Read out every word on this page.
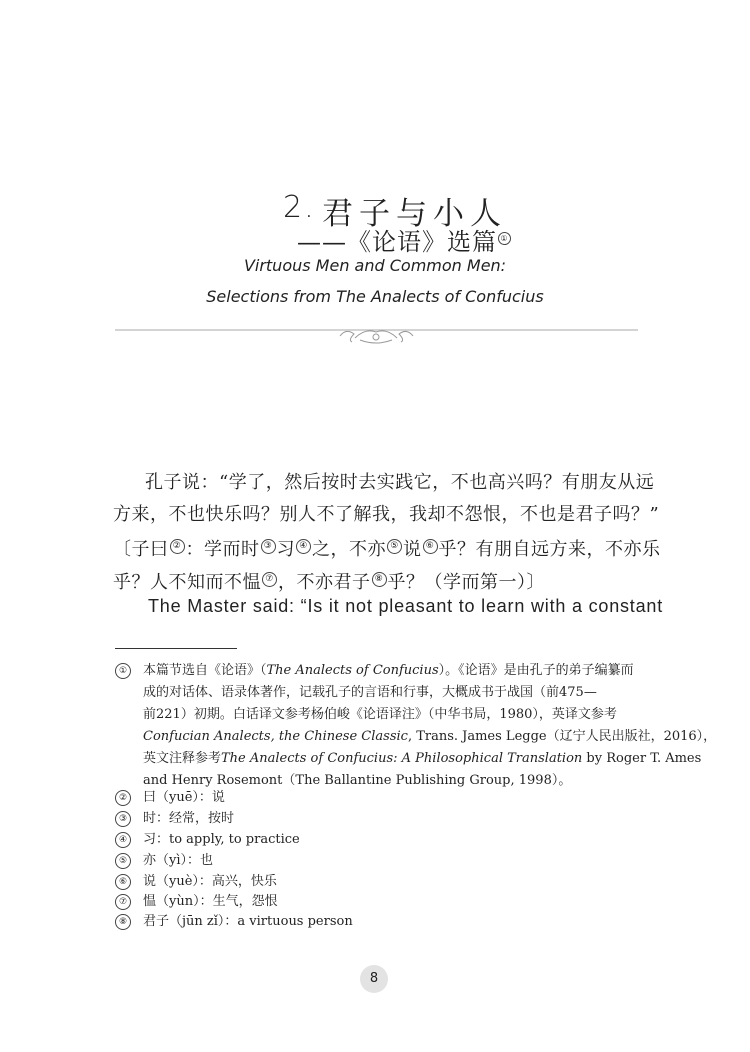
2. 君子与小人
——《论语》选篇 ①
Virtuous Men and Common Men:
Selections from The Analects of Confucius
孔子说：“学了，然后按时去实践它，不也高兴吗？有朋友从远
方来，不也快乐吗？别人不了解我，我却不怨恨，不也是君子吗？”
〔子曰 ② ：学而时 ③ 习 ④ 之，不亦 ⑤ 说 ⑥ 乎？有朋自远方来，不亦乐
乎？人不知而不愠 ⑦ ，不亦君子 ⑧ 乎？（学而第一）〕
The Master said: “Is it not pleasant to learn with a constant
① 本篇节选自《论语》（The Analects of Confucius）。《论语》是由孔子的弟子编纂而
成的对话体、语录体著作，记载孔子的言语和行事，大概成书于战国（前475—
前221）初期。白话译文参考杨伯峻《论语译注》（中华书局，1980），英译文参考
Confucian Analects, the Chinese Classic, Trans. James Legge（辽宁人民出版社，2016），
英文注释参考The Analects of Confucius: A Philosophical Translation by Roger T. Ames
and Henry Rosemont（The Ballantine Publishing Group, 1998）。
② 曰（yuē）：说
③ 时：经常，按时
④ 习：to apply, to practice
⑤ 亦（yì）：也
⑥ 说（yuè）：高兴，快乐
⑦ 愠（yùn）：生气，怨恨
⑧ 君子（jūn zǐ）：a virtuous person
8
